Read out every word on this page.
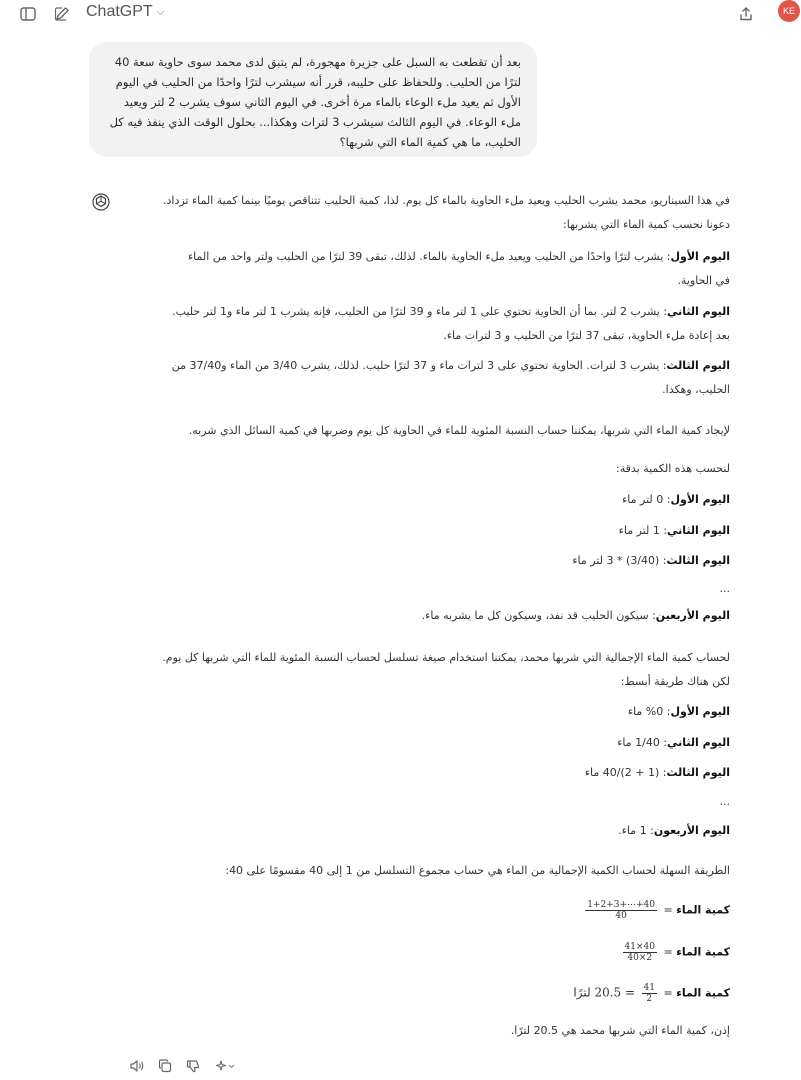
ChatGPT ⌵	KE

بعد أن تقطعت به السبل على جزيرة مهجورة، لم يتبق لدى محمد سوى حاوية سعة 40 لترًا من الحليب. وللحفاظ على حليبه، قرر أنه سيشرب لترًا واحدًا من الحليب في اليوم الأول ثم يعيد ملء الوعاء بالماء مرة أخرى. في اليوم الثاني سوف يشرب 2 لتر ويعيد ملء الوعاء. في اليوم الثالث سيشرب 3 لترات وهكذا... بحلول الوقت الذي ينفذ فيه كل الحليب، ما هي كمية الماء التي شربها؟

في هذا السيناريو، محمد يشرب الحليب ويعيد ملء الحاوية بالماء كل يوم. لذا، كمية الحليب تتناقص يوميًا بينما كمية الماء تزداد.
دعونا نحسب كمية الماء التي يشربها:
اليوم الأول: يشرب لترًا واحدًا من الحليب ويعيد ملء الحاوية بالماء. لذلك، تبقى 39 لترًا من الحليب ولتر واحد من الماء
في الحاوية.
اليوم الثاني: يشرب 2 لتر. بما أن الحاوية تحتوي على 1 لتر ماء و 39 لترًا من الحليب، فإنه يشرب 1 لتر ماء و1 لتر حليب.
بعد إعادة ملء الحاوية، تبقى 37 لترًا من الحليب و 3 لترات ماء.
اليوم الثالث: يشرب 3 لترات. الحاوية تحتوي على 3 لترات ماء و 37 لترًا حليب. لذلك، يشرب 3/40 من الماء و37/40 من
الحليب، وهكذا.
لإيجاد كمية الماء التي شربها، يمكننا حساب النسبة المئوية للماء في الحاوية كل يوم وضربها في كمية السائل الذي شربه.
لنحسب هذه الكمية بدقة:
اليوم الأول: 0 لتر ماء
اليوم الثاني: 1 لتر ماء
اليوم الثالث: (3/40) * 3 لتر ماء
...
اليوم الأربعين: سيكون الحليب قد نفد، وسيكون كل ما يشربه ماء.
لحساب كمية الماء الإجمالية التي شربها محمد، يمكننا استخدام صيغة تسلسل لحساب النسبة المئوية للماء التي شربها كل يوم.
لكن هناك طريقة أبسط:
اليوم الأول: 0% ماء
اليوم الثاني: 1/40 ماء
اليوم الثالث: (1 + 2)/40 ماء
...
اليوم الأربعون: 1 ماء.
الطريقة السهلة لحساب الكمية الإجمالية من الماء هي حساب مجموع التسلسل من 1 إلى 40 مقسومًا على 40:
كمية الماء =
$\frac{1+2+3+\cdots+40}{40}$
كمية الماء =
$\frac{41\times 40}{40\times 2}$
كمية الماء =
$\frac{41}{2}$
= 20.5 لترًا
إذن، كمية الماء التي شربها محمد هي 20.5 لترًا.
